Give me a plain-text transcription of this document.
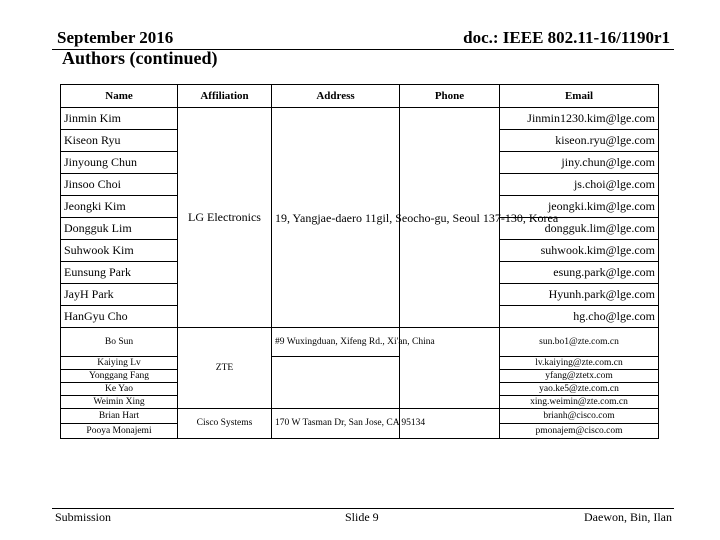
September 2016	doc.: IEEE 802.11-16/1190r1
Authors (continued)
Name	Affiliation	Address	Phone	Email
Jinmin Kim	LG Electronics	19, Yangjae-daero 11gil, Seocho-gu, Seoul 137-130, Korea		Jinmin1230.kim@lge.com
Kiseon Ryu				kiseon.ryu@lge.com
Jinyoung Chun				jiny.chun@lge.com
Jinsoo Choi				js.choi@lge.com
Jeongki Kim				jeongki.kim@lge.com
Dongguk Lim				dongguk.lim@lge.com
Suhwook Kim				suhwook.kim@lge.com
Eunsung Park				esung.park@lge.com
JayH Park				Hyunh.park@lge.com
HanGyu Cho				hg.cho@lge.com
Bo Sun	ZTE	#9 Wuxingduan, Xifeng Rd., Xi'an, China		sun.bo1@zte.com.cn
Kaiying Lv				lv.kaiying@zte.com.cn
Yonggang Fang				yfang@ztetx.com
Ke Yao				yao.ke5@zte.com.cn
Weimin Xing				xing.weimin@zte.com.cn
Brian Hart	Cisco Systems	170 W Tasman Dr, San Jose, CA 95134		brianh@cisco.com
Pooya Monajemi				pmonajem@cisco.com
Submission	Slide 9	Daewon, Bin, Ilan
